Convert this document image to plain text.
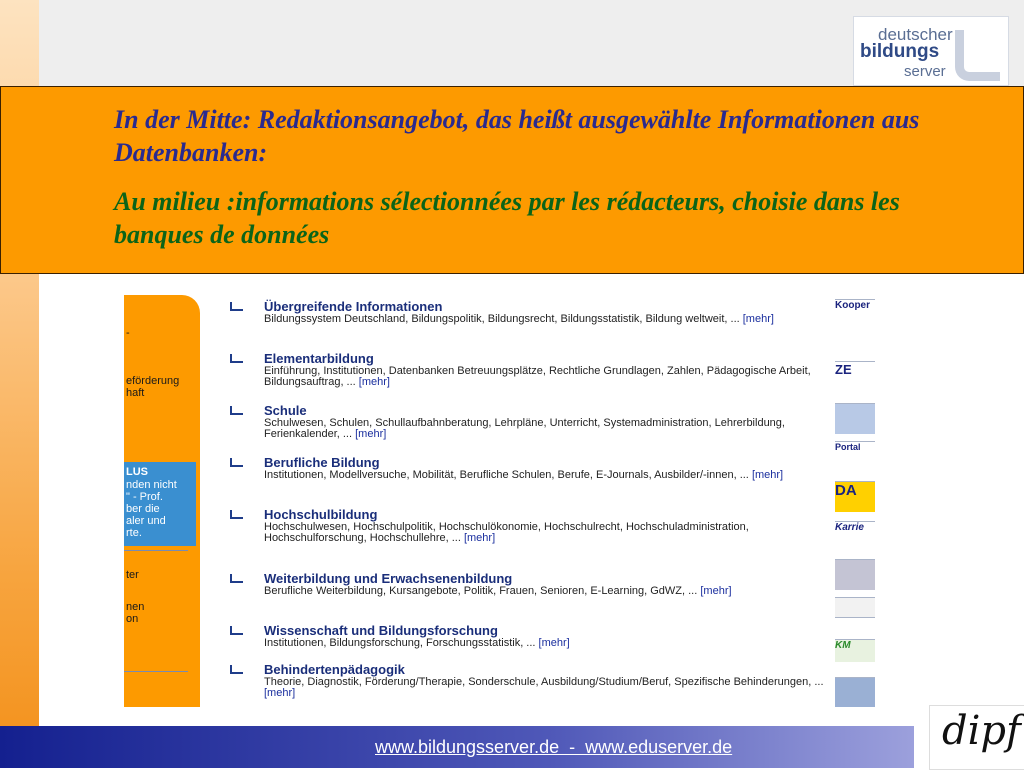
deutscher
bildungs
server
In der Mitte: Redaktionsangebot, das heißt ausgewählte Informationen aus Datenbanken:
Au milieu :informations sélectionnées par les rédacteurs, choisie dans les banques de données
-
eförderung
haft
LUS
nden nicht
" - Prof.
ber die
aler und
rte.
ter
nen
on
Übergreifende Informationen
Bildungssystem Deutschland, Bildungspolitik, Bildungsrecht, Bildungsstatistik, Bildung weltweit, ... [mehr]
Elementarbildung
Einführung, Institutionen, Datenbanken Betreuungsplätze, Rechtliche Grundlagen, Zahlen, Pädagogische Arbeit, Bildungsauftrag, ... [mehr]
Schule
Schulwesen, Schulen, Schullaufbahnberatung, Lehrpläne, Unterricht, Systemadministration, Lehrerbildung, Ferienkalender, ... [mehr]
Berufliche Bildung
Institutionen, Modellversuche, Mobilität, Berufliche Schulen, Berufe, E-Journals, Ausbilder/-innen, ... [mehr]
Hochschulbildung
Hochschulwesen, Hochschulpolitik, Hochschulökonomie, Hochschulrecht, Hochschuladministration, Hochschulforschung, Hochschullehre, ... [mehr]
Weiterbildung und Erwachsenenbildung
Berufliche Weiterbildung, Kursangebote, Politik, Frauen, Senioren, E-Learning, GdWZ, ... [mehr]
Wissenschaft und Bildungsforschung
Institutionen, Bildungsforschung, Forschungsstatistik, ... [mehr]
Behindertenpädagogik
Theorie, Diagnostik, Förderung/Therapie, Sonderschule, Ausbildung/Studium/Beruf, Spezifische Behinderungen, ... [mehr]
Kooper
ZE
Portal
DA
Karrie
KM
www.bildungsserver.de  -  www.eduserver.de	dipf
